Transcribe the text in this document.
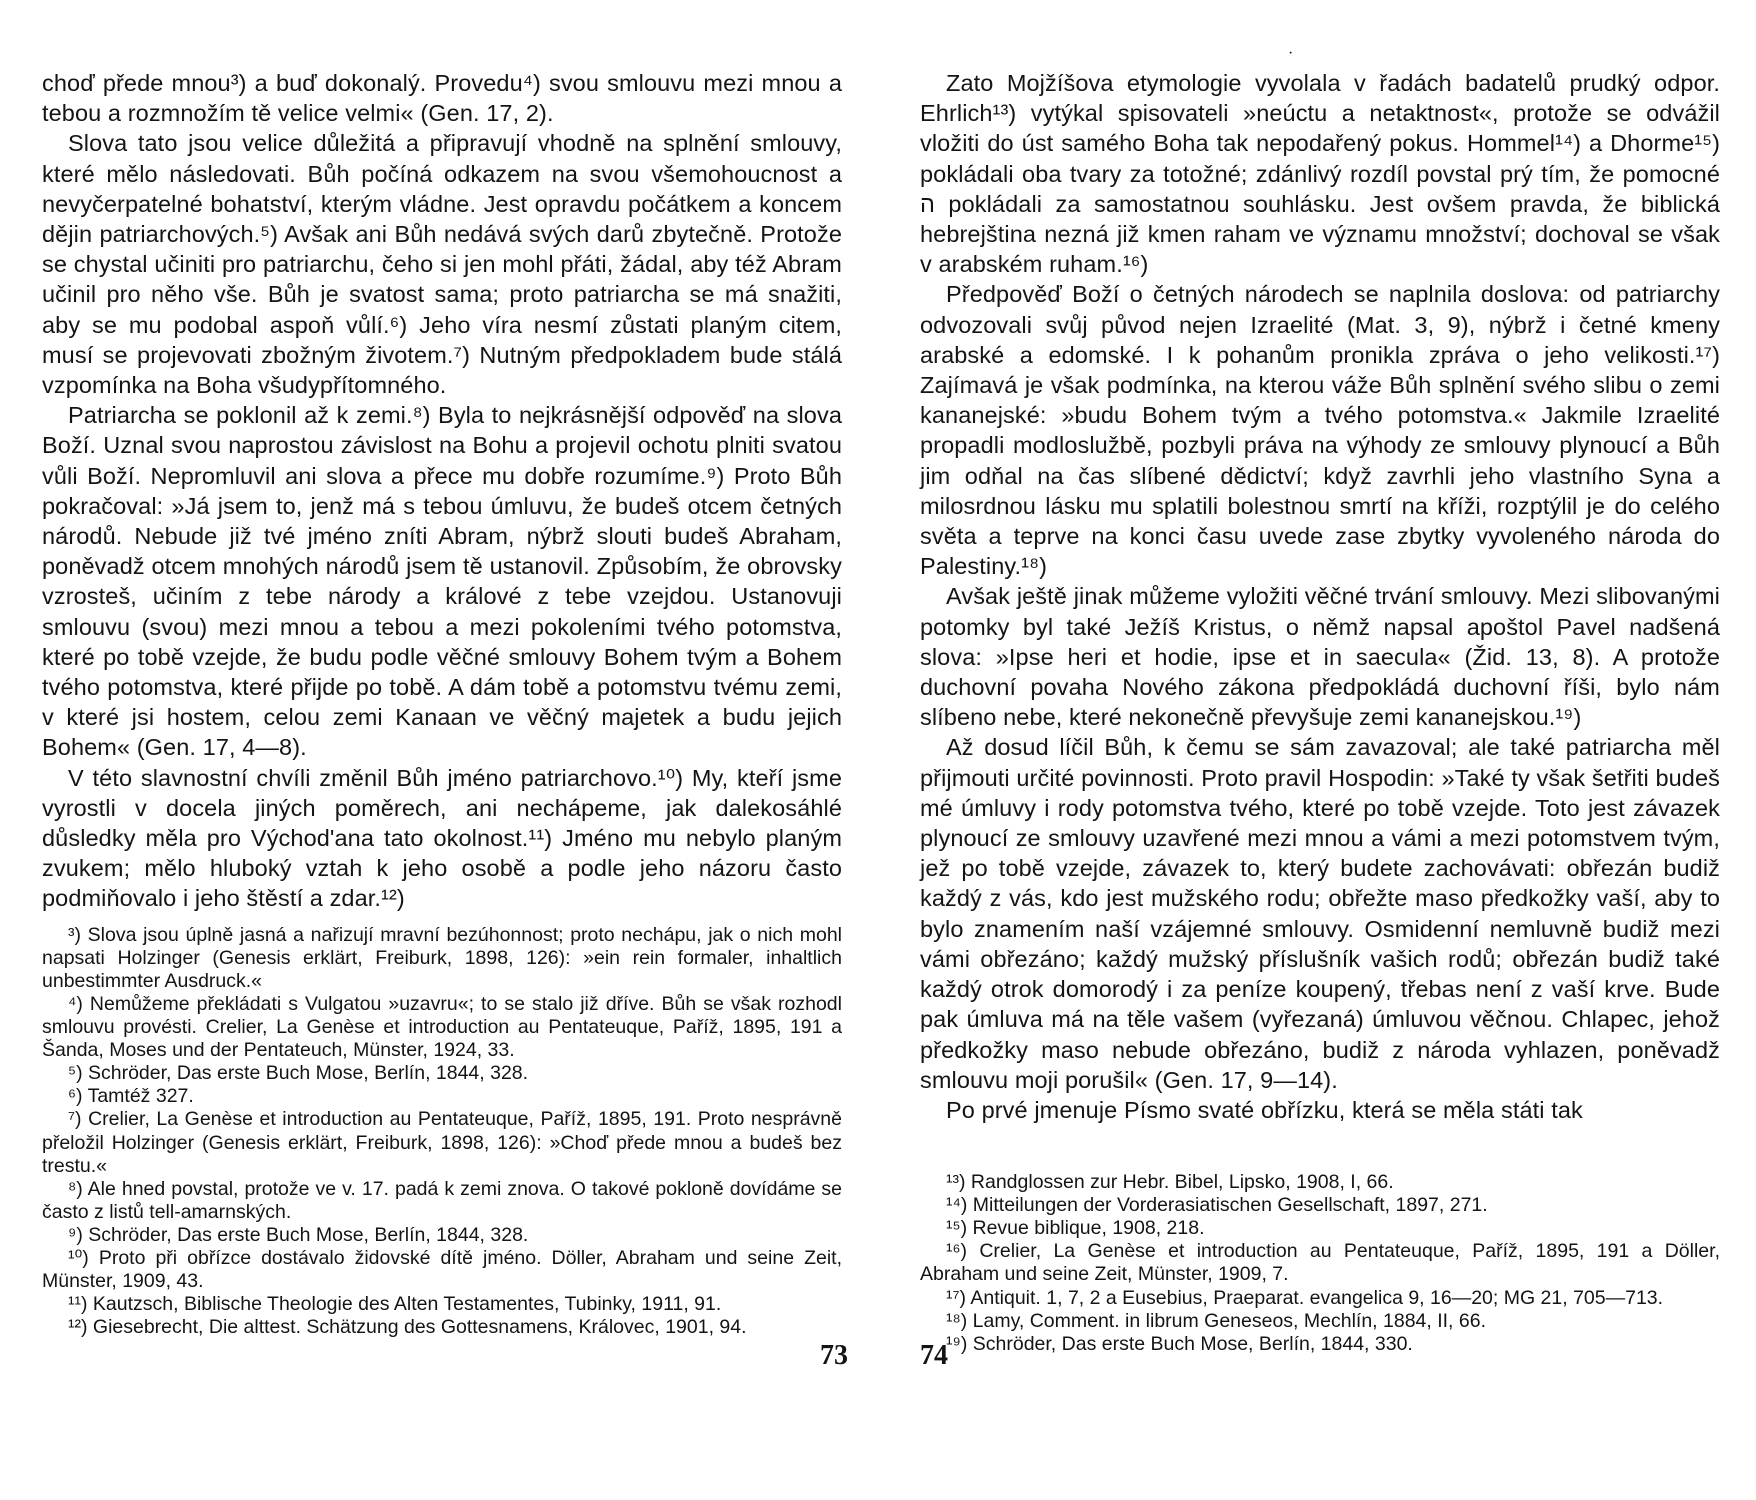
choď přede mnou³) a buď dokonalý. Provedu⁴) svou smlouvu mezi mnou a tebou a rozmnožím tě velice velmi« (Gen. 17, 2).

Slova tato jsou velice důležitá a připravují vhodně na splnění smlouvy, které mělo následovati. Bůh počíná odkazem na svou všemohoucnost a nevyčerpatelné bohatství, kterým vládne. Jest opravdu počátkem a koncem dějin patriarchových.⁵) Avšak ani Bůh nedává svých darů zbytečně. Protože se chystal učiniti pro patriarchu, čeho si jen mohl přáti, žádal, aby též Abram učinil pro něho vše. Bůh je svatost sama; proto patriarcha se má snažiti, aby se mu podobal aspoň vůlí.⁶) Jeho víra nesmí zůstati planým citem, musí se projevovati zbožným životem.⁷) Nutným předpokladem bude stálá vzpomínka na Boha všudypřítomného.

Patriarcha se poklonil až k zemi.⁸) Byla to nejkrásnější odpověď na slova Boží. Uznal svou naprostou závislost na Bohu a projevil ochotu plniti svatou vůli Boží. Nepromluvil ani slova a přece mu dobře rozumíme.⁹) Proto Bůh pokračoval: »Já jsem to, jenž má s tebou úmluvu, že budeš otcem četných národů. Nebude již tvé jméno zníti Abram, nýbrž slouti budeš Abraham, poněvadž otcem mnohých národů jsem tě ustanovil. Způsobím, že obrovsky vzrosteš, učiním z tebe národy a králové z tebe vzejdou. Ustanovuji smlouvu (svou) mezi mnou a tebou a mezi pokoleními tvého potomstva, které po tobě vzejde, že budu podle věčné smlouvy Bohem tvým a Bohem tvého potomstva, které přijde po tobě. A dám tobě a potomstvu tvému zemi, v které jsi hostem, celou zemi Kanaan ve věčný majetek a budu jejich Bohem« (Gen. 17, 4—8).

V této slavnostní chvíli změnil Bůh jméno patriarchovo.¹⁰) My, kteří jsme vyrostli v docela jiných poměrech, ani nechápeme, jak dalekosáhlé důsledky měla pro Východ'ana tato okolnost.¹¹) Jméno mu nebylo planým zvukem; mělo hluboký vztah k jeho osobě a podle jeho názoru často podmiňovalo i jeho štěstí a zdar.¹²)

³) Slova jsou úplně jasná a nařizují mravní bezúhonnost; proto nechápu, jak o nich mohl napsati Holzinger (Genesis erklärt, Freiburk, 1898, 126): »ein rein formaler, inhaltlich unbestimmter Ausdruck.«

⁴) Nemůžeme překládati s Vulgatou »uzavru«; to se stalo již dříve. Bůh se však rozhodl smlouvu provésti. Crelier, La Genèse et introduction au Pentateuque, Paříž, 1895, 191 a Šanda, Moses und der Pentateuch, Münster, 1924, 33.

⁵) Schröder, Das erste Buch Mose, Berlín, 1844, 328.

⁶) Tamtéž 327.

⁷) Crelier, La Genèse et introduction au Pentateuque, Paříž, 1895, 191. Proto nesprávně přeložil Holzinger (Genesis erklärt, Freiburk, 1898, 126): »Choď přede mnou a budeš bez trestu.«

⁸) Ale hned povstal, protože ve v. 17. padá k zemi znova. O takové pokloně dovídáme se často z listů tell-amarnských.

⁹) Schröder, Das erste Buch Mose, Berlín, 1844, 328.

¹⁰) Proto při obřízce dostávalo židovské dítě jméno. Döller, Abraham und seine Zeit, Münster, 1909, 43.

¹¹) Kautzsch, Biblische Theologie des Alten Testamentes, Tubinky, 1911, 91.

¹²) Giesebrecht, Die alttest. Schätzung des Gottesnamens, Královec, 1901, 94.

73
·

Zato Mojžíšova etymologie vyvolala v řadách badatelů prudký odpor. Ehrlich¹³) vytýkal spisovateli »neúctu a netaktnost«, protože se odvážil vložiti do úst samého Boha tak nepodařený pokus. Hommel¹⁴) a Dhorme¹⁵) pokládali oba tvary za totožné; zdánlivý rozdíl povstal prý tím, že pomocné ה pokládali za samostatnou souhlásku. Jest ovšem pravda, že biblická hebrejština nezná již kmen raham ve významu množství; dochoval se však v arabském ruham.¹⁶)

Předpověď Boží o četných národech se naplnila doslova: od patriarchy odvozovali svůj původ nejen Izraelité (Mat. 3, 9), nýbrž i četné kmeny arabské a edomské. I k pohanům pronikla zpráva o jeho velikosti.¹⁷) Zajímavá je však podmínka, na kterou váže Bůh splnění svého slibu o zemi kananejské: »budu Bohem tvým a tvého potomstva.« Jakmile Izraelité propadli modloslužbě, pozbyli práva na výhody ze smlouvy plynoucí a Bůh jim odňal na čas slíbené dědictví; když zavrhli jeho vlastního Syna a milosrdnou lásku mu splatili bolestnou smrtí na kříži, rozptýlil je do celého světa a teprve na konci času uvede zase zbytky vyvoleného národa do Palestiny.¹⁸)

Avšak ještě jinak můžeme vyložiti věčné trvání smlouvy. Mezi slibovanými potomky byl také Ježíš Kristus, o němž napsal apoštol Pavel nadšená slova: »Ipse heri et hodie, ipse et in saecula« (Žid. 13, 8). A protože duchovní povaha Nového zákona předpokládá duchovní říši, bylo nám slíbeno nebe, které nekonečně převyšuje zemi kananejskou.¹⁹)

Až dosud líčil Bůh, k čemu se sám zavazoval; ale také patriarcha měl přijmouti určité povinnosti. Proto pravil Hospodin: »Také ty však šetřiti budeš mé úmluvy i rody potomstva tvého, které po tobě vzejde. Toto jest závazek plynoucí ze smlouvy uzavřené mezi mnou a vámi a mezi potomstvem tvým, jež po tobě vzejde, závazek to, který budete zachovávati: obřezán budiž každý z vás, kdo jest mužského rodu; obřežte maso předkožky vaší, aby to bylo znamením naší vzájemné smlouvy. Osmidenní nemluvně budiž mezi vámi obřezáno; každý mužský příslušník vašich rodů; obřezán budiž také každý otrok domorodý i za peníze koupený, třebas není z vaší krve. Bude pak úmluva má na těle vašem (vyřezaná) úmluvou věčnou. Chlapec, jehož předkožky maso nebude obřezáno, budiž z národa vyhlazen, poněvadž smlouvu moji porušil« (Gen. 17, 9—14).

Po prvé jmenuje Písmo svaté obřízku, která se měla státi tak

¹³) Randglossen zur Hebr. Bibel, Lipsko, 1908, I, 66.

¹⁴) Mitteilungen der Vorderasiatischen Gesellschaft, 1897, 271.

¹⁵) Revue biblique, 1908, 218.

¹⁶) Crelier, La Genèse et introduction au Pentateuque, Paříž, 1895, 191 a Döller, Abraham und seine Zeit, Münster, 1909, 7.

¹⁷) Antiquit. 1, 7, 2 a Eusebius, Praeparat. evangelica 9, 16—20; MG 21, 705—713.

¹⁸) Lamy, Comment. in librum Geneseos, Mechlín, 1884, II, 66.

¹⁹) Schröder, Das erste Buch Mose, Berlín, 1844, 330.

74
